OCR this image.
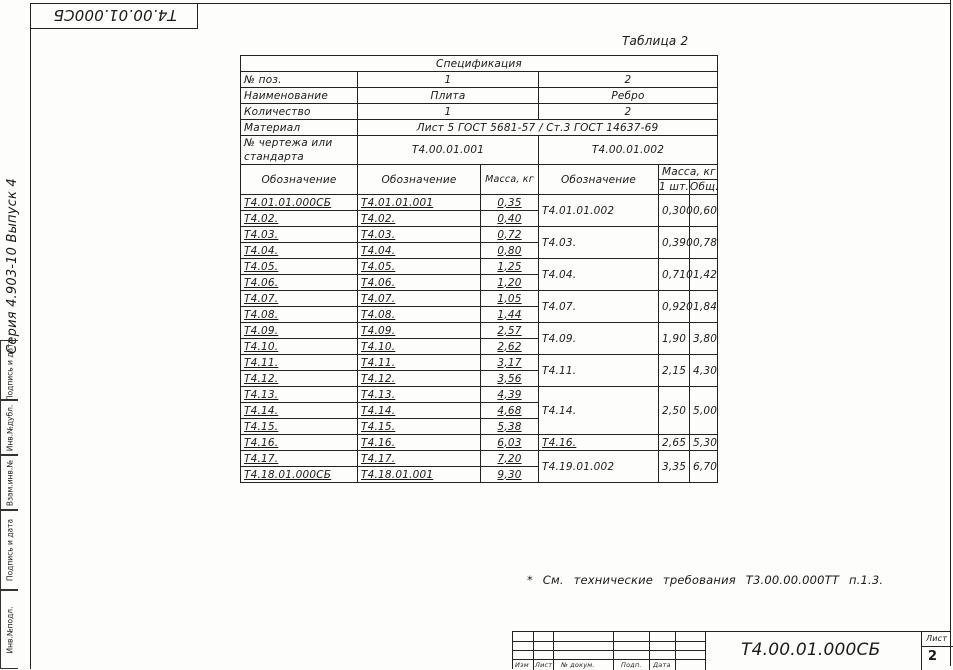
Т4.00.01.000СБ
Серия 4.903-10 Выпуск 4
Подпись и дата
Инв.№дубл.
Взам.инв.№
Подпись и дата
Инв.№подл.
Таблица 2
Спецификация					
№ поз.	1		2		
Наименование	Плита		Ребро		
Количество	1		2		
Материал	Лист 5 ГОСТ 5681-57 / Ст.3 ГОСТ 14637-69				
№ чертежа или стандарта	Т4.00.01.001		Т4.00.01.002		
Обозначение	Обозначение	Масса, кг	Обозначение	Масса, кг	
				1 шт.	Общ.
Т4.01.01.000СБ	Т4.01.01.001	0,35	Т4.01.01.002	0,300	0,60
Т4.02.	Т4.02.	0,40			
Т4.03.	Т4.03.	0,72	Т4.03.	0,390	0,78
Т4.04.	Т4.04.	0,80			
Т4.05.	Т4.05.	1,25	Т4.04.	0,710	1,42
Т4.06.	Т4.06.	1,20			
Т4.07.	Т4.07.	1,05	Т4.07.	0,920	1,84
Т4.08.	Т4.08.	1,44			
Т4.09.	Т4.09.	2,57	Т4.09.	1,90	3,80
Т4.10.	Т4.10.	2,62			
Т4.11.	Т4.11.	3,17	Т4.11.	2,15	4,30
Т4.12.	Т4.12.	3,56			
Т4.13.	Т4.13.	4,39	Т4.14.	2,50	5,00
Т4.14.	Т4.14.	4,68			
Т4.15.	Т4.15.	5,38			
Т4.16.	Т4.16.	6,03	Т4.16.	2,65	5,30
Т4.17.	Т4.17.	7,20	Т4.19.01.002	3,35	6,70
Т4.18.01.000СБ	Т4.18.01.001	9,30			
* См. технические требования Т3.00.00.000ТТ п.1.3.
Изм Лист № докум.	Подп. Дата
Т4.00.01.000СБ
Лист
2
